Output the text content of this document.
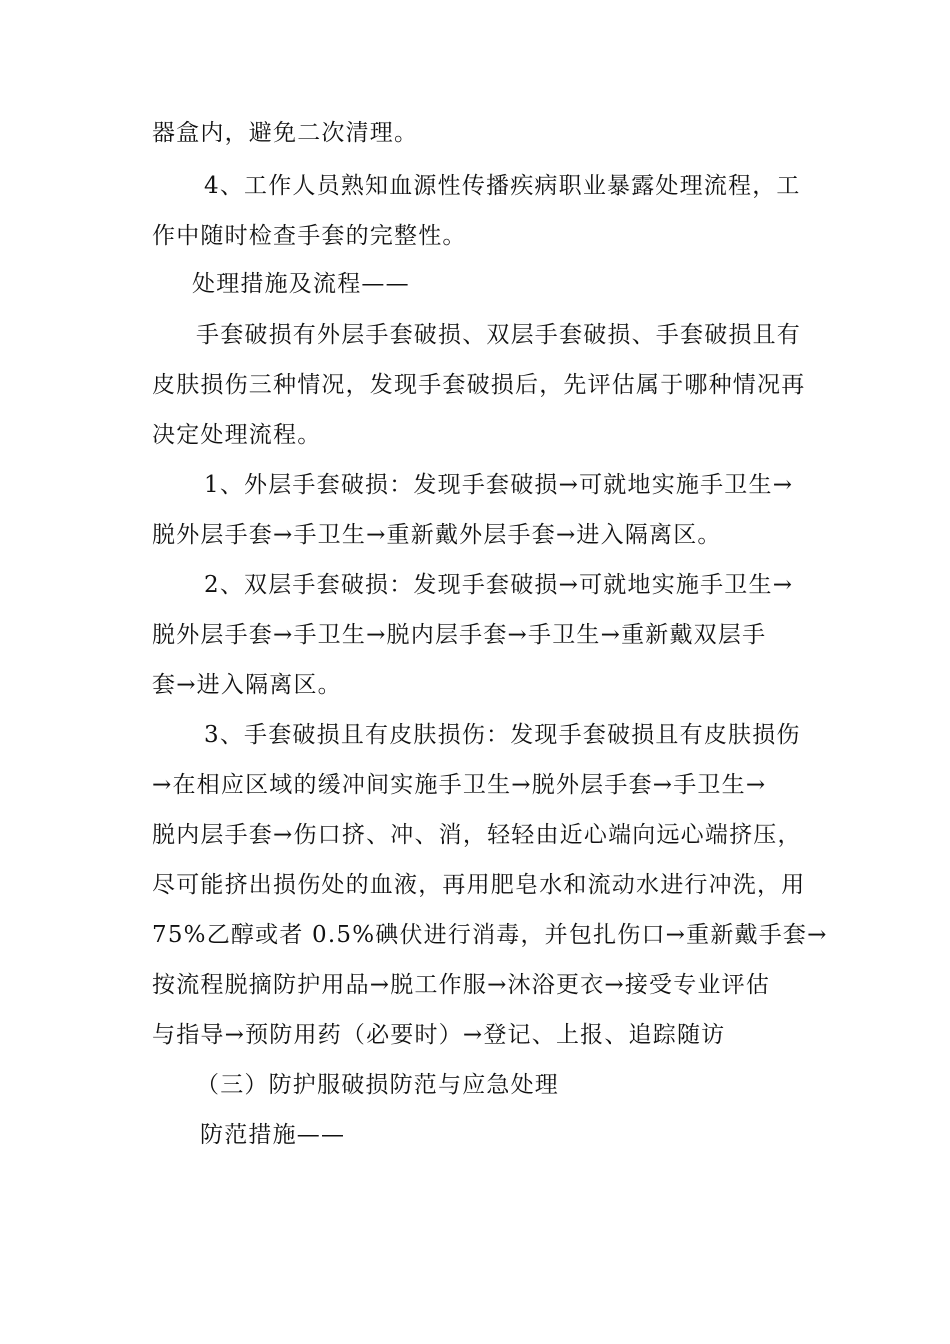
器盒内，避免二次清理。
4、工作人员熟知血源性传播疾病职业暴露处理流程，工
作中随时检查手套的完整性。
处理措施及流程——
手套破损有外层手套破损、双层手套破损、手套破损且有
皮肤损伤三种情况，发现手套破损后，先评估属于哪种情况再
决定处理流程。
1、外层手套破损：发现手套破损→可就地实施手卫生→
脱外层手套→手卫生→重新戴外层手套→进入隔离区。
2、双层手套破损：发现手套破损→可就地实施手卫生→
脱外层手套→手卫生→脱内层手套→手卫生→重新戴双层手
套→进入隔离区。
3、手套破损且有皮肤损伤：发现手套破损且有皮肤损伤
→在相应区域的缓冲间实施手卫生→脱外层手套→手卫生→
脱内层手套→伤口挤、冲、消，轻轻由近心端向远心端挤压，
尽可能挤出损伤处的血液，再用肥皂水和流动水进行冲洗，用
75%乙醇或者 0.5%碘伏进行消毒，并包扎伤口→重新戴手套→
按流程脱摘防护用品→脱工作服→沐浴更衣→接受专业评估
与指导→预防用药（必要时）→登记、上报、追踪随访
（三）防护服破损防范与应急处理
防范措施——
